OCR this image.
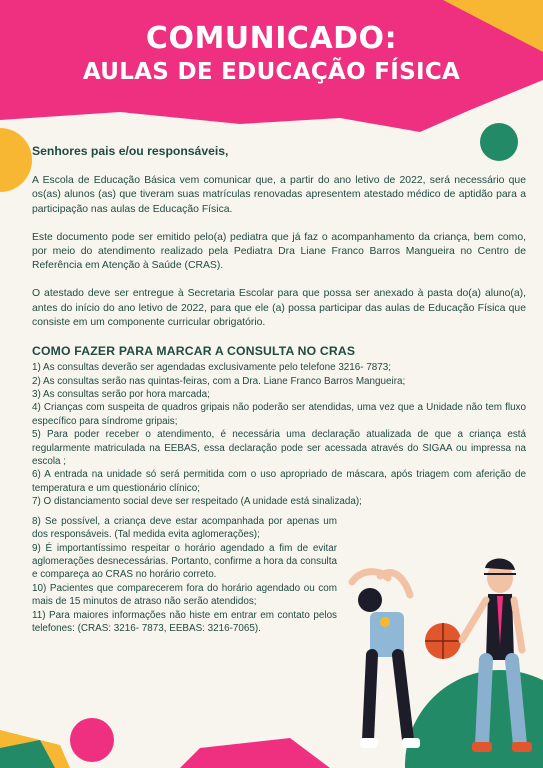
COMUNICADO:
AULAS DE EDUCAÇÃO FÍSICA
Senhores pais e/ou responsáveis,

A Escola de Educação Básica vem comunicar que, a partir do ano letivo de 2022, será necessário que os(as) alunos (as) que tiveram suas matrículas renovadas apresentem atestado médico de aptidão para a participação nas aulas de Educação Física.

Este documento pode ser emitido pelo(a) pediatra que já faz o acompanhamento da criança, bem como, por meio do atendimento realizado pela Pediatra Dra Liane Franco Barros Mangueira no Centro de Referência em Atenção à Saúde (CRAS).

O atestado deve ser entregue à Secretaria Escolar para que possa ser anexado à pasta do(a) aluno(a), antes do início do ano letivo de 2022, para que ele (a) possa participar das aulas de Educação Física que consiste em um componente curricular obrigatório.

COMO FAZER PARA MARCAR A CONSULTA NO CRAS

1) As consultas deverão ser agendadas exclusivamente pelo telefone 3216- 7873;

2) As consultas serão nas quintas-feiras, com a Dra. Liane Franco Barros Mangueira;

3) As consultas serão por hora marcada;

4) Crianças com suspeita de quadros gripais não poderão ser atendidas, uma vez que a Unidade não tem fluxo específico para síndrome gripais;

5) Para poder receber o atendimento, é necessária uma declaração atualizada de que a criança está regularmente matriculada na EEBAS, essa declaração pode ser acessada através do SIGAA ou impressa na escola ;

6) A entrada na unidade só será permitida com o uso apropriado de máscara, após triagem com aferição de temperatura e um questionário clínico;

7) O distanciamento social deve ser respeitado (A unidade está sinalizada);

8) Se possível, a criança deve estar acompanhada por apenas um dos responsáveis. (Tal medida evita aglomerações);

9) É importantíssimo respeitar o horário agendado a fim de evitar aglomerações desnecessárias. Portanto, confirme a hora da consulta e compareça ao CRAS no horário correto.

10) Pacientes que comparecerem fora do horário agendado ou com mais de 15 minutos de atraso não serão atendidos;

11) Para maiores informações não histe em entrar em contato pelos telefones: (CRAS: 3216- 7873, EEBAS: 3216-7065).
